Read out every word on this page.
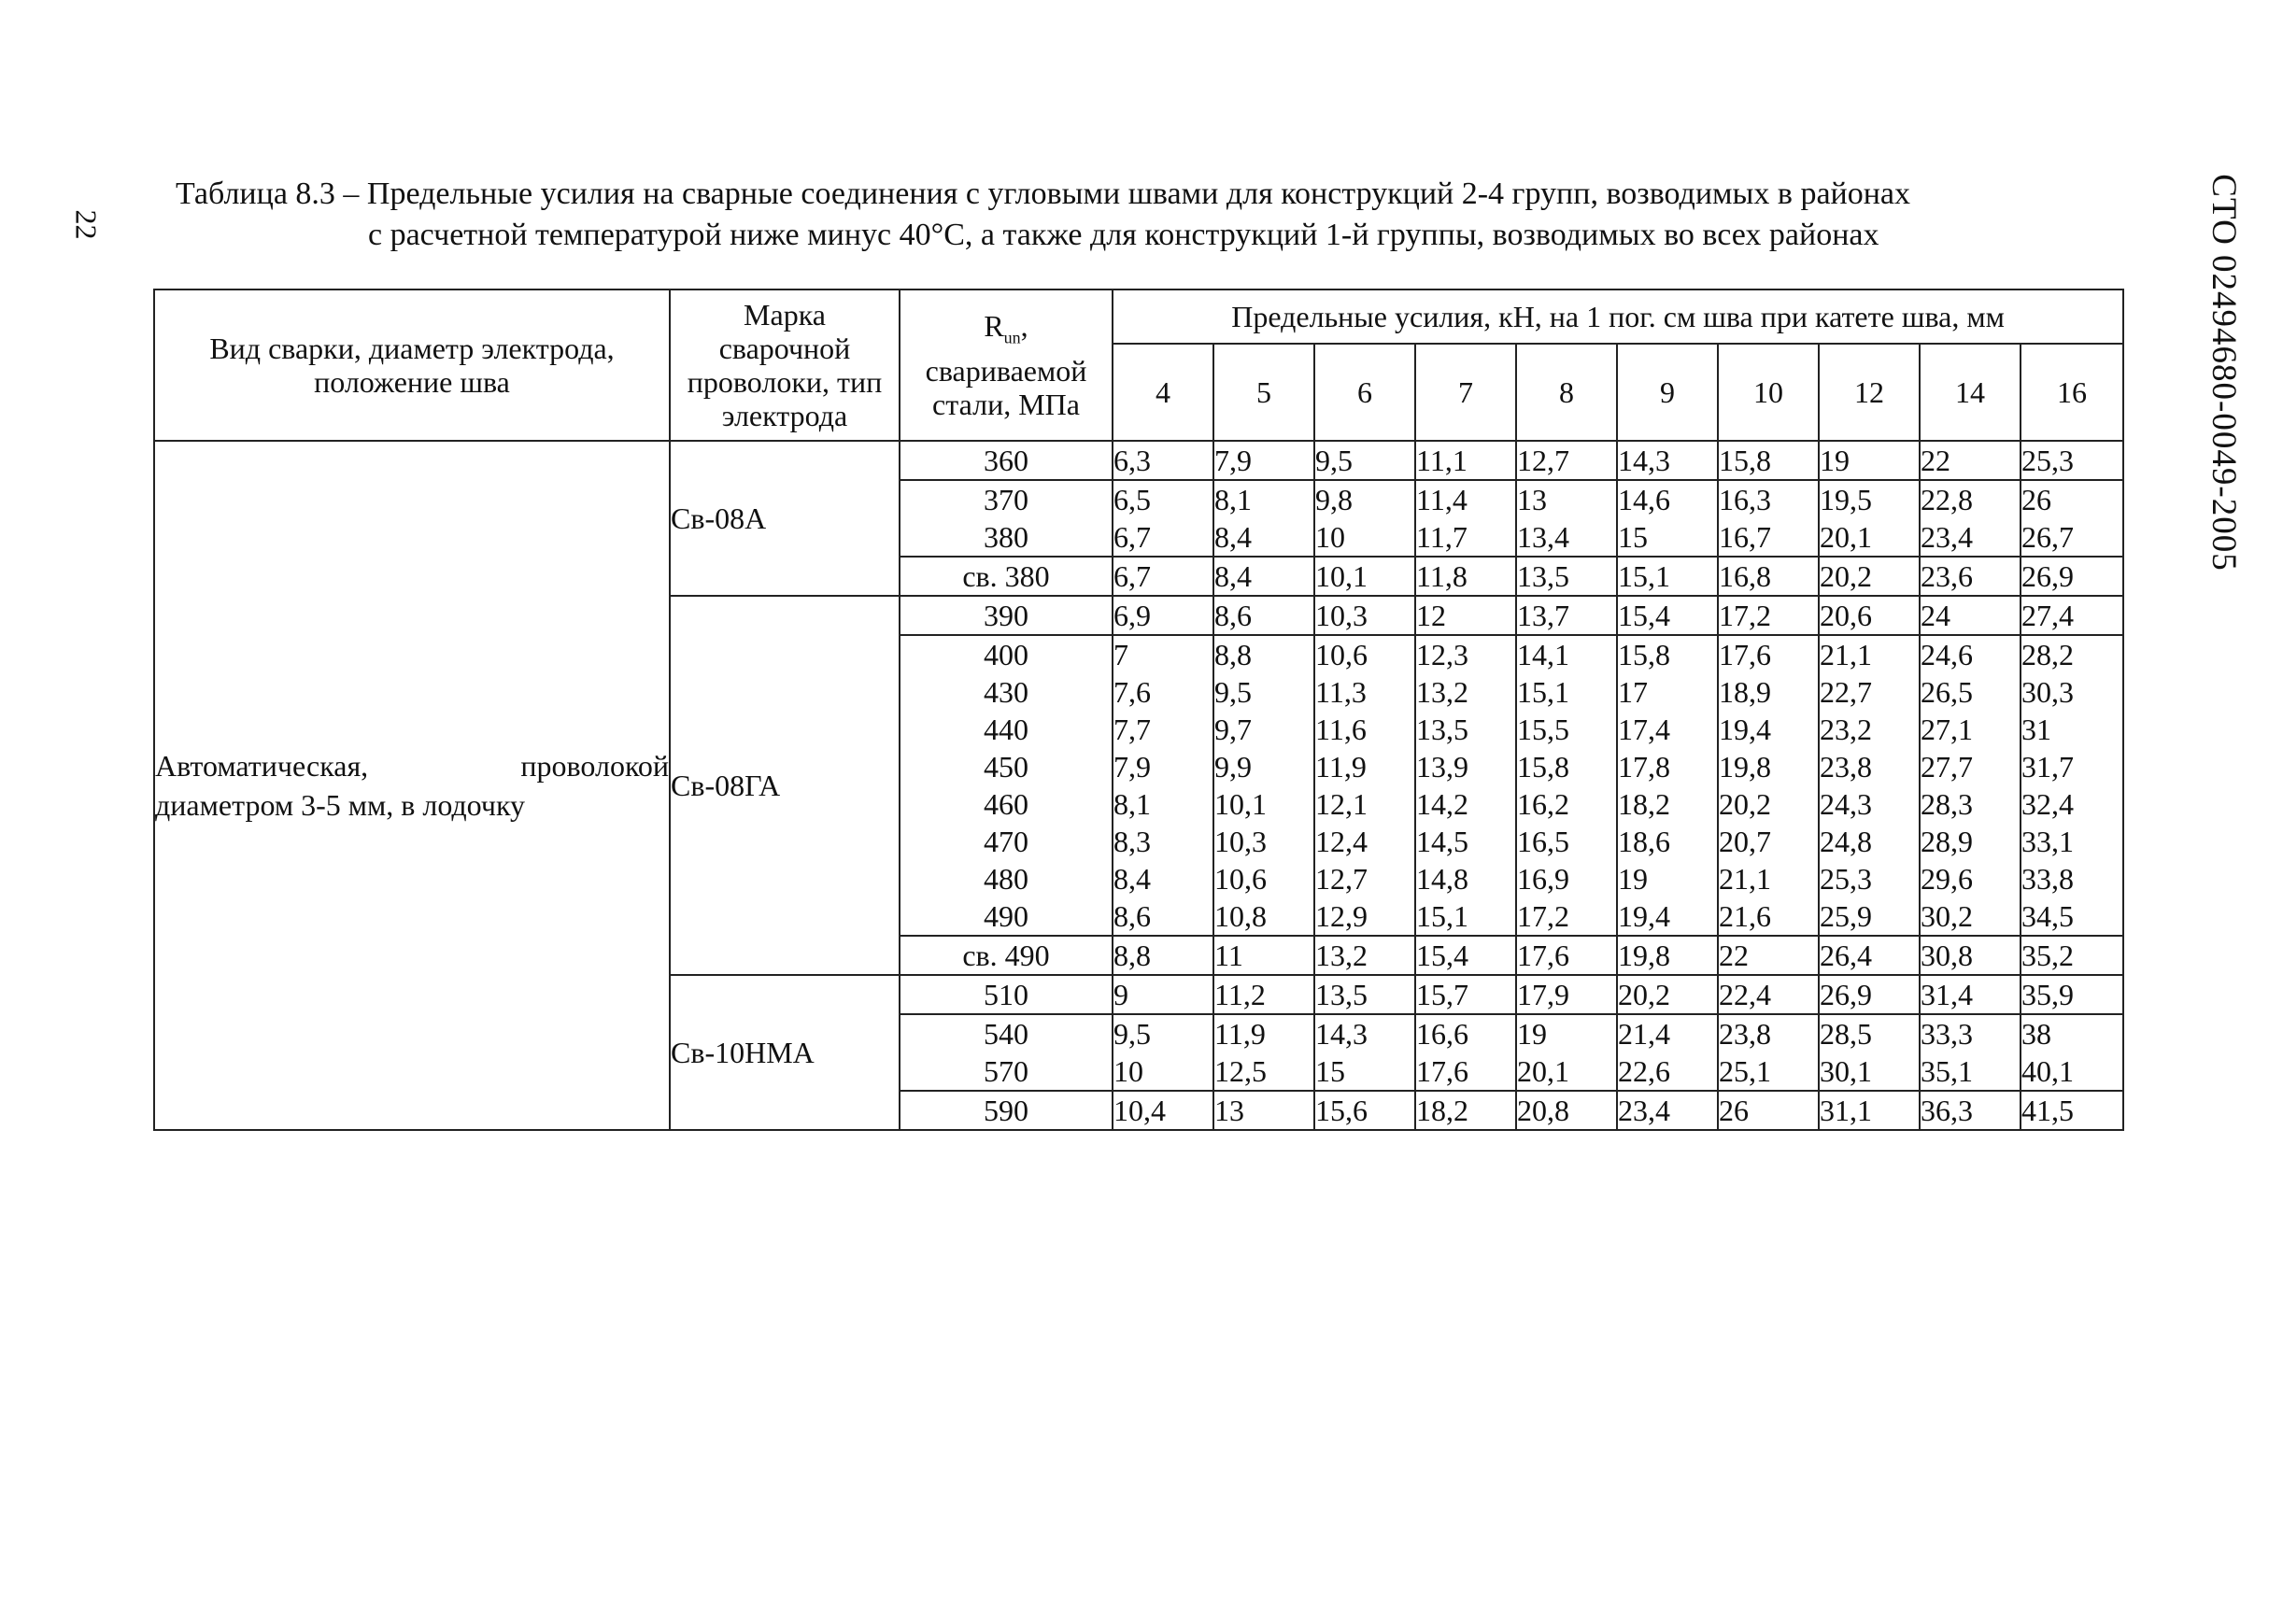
22	СТО 02494680-0049-2005
Таблица 8.3 – Предельные усилия на сварные соединения с угловыми швами для конструкций 2-4 групп, возводимых в районах
с расчетной температурой ниже минус 40°С, а также для конструкций 1-й группы, возводимых во всех районах
Вид сварки, диаметр электрода, положение шва	Марка сварочной проволоки, тип электрода	$R_{un}$, свариваемой стали, МПа	Предельные усилия, кН, на 1 пог. см шва при катете шва, мм									
			4	5	6	7	8	9	10	12	14	16

Автоматическая, проволокой диаметром 3-5 мм, в лодочку	Св-08А	360	6,3	7,9	9,5	11,1	12,7	14,3	15,8	19	22	25,3
		370	6,5	8,1	9,8	11,4	13	14,6	16,3	19,5	22,8	26
		380	6,7	8,4	10	11,7	13,4	15	16,7	20,1	23,4	26,7
		св. 380	6,7	8,4	10,1	11,8	13,5	15,1	16,8	20,2	23,6	26,9
	Св-08ГА	390	6,9	8,6	10,3	12	13,7	15,4	17,2	20,6	24	27,4
		400	7	8,8	10,6	12,3	14,1	15,8	17,6	21,1	24,6	28,2
		430	7,6	9,5	11,3	13,2	15,1	17	18,9	22,7	26,5	30,3
		440	7,7	9,7	11,6	13,5	15,5	17,4	19,4	23,2	27,1	31
		450	7,9	9,9	11,9	13,9	15,8	17,8	19,8	23,8	27,7	31,7
		460	8,1	10,1	12,1	14,2	16,2	18,2	20,2	24,3	28,3	32,4
		470	8,3	10,3	12,4	14,5	16,5	18,6	20,7	24,8	28,9	33,1
		480	8,4	10,6	12,7	14,8	16,9	19	21,1	25,3	29,6	33,8
		490	8,6	10,8	12,9	15,1	17,2	19,4	21,6	25,9	30,2	34,5
		св. 490	8,8	11	13,2	15,4	17,6	19,8	22	26,4	30,8	35,2
	Св-10НМА	510	9	11,2	13,5	15,7	17,9	20,2	22,4	26,9	31,4	35,9
		540	9,5	11,9	14,3	16,6	19	21,4	23,8	28,5	33,3	38
		570	10	12,5	15	17,6	20,1	22,6	25,1	30,1	35,1	40,1
		590	10,4	13	15,6	18,2	20,8	23,4	26	31,1	36,3	41,5
